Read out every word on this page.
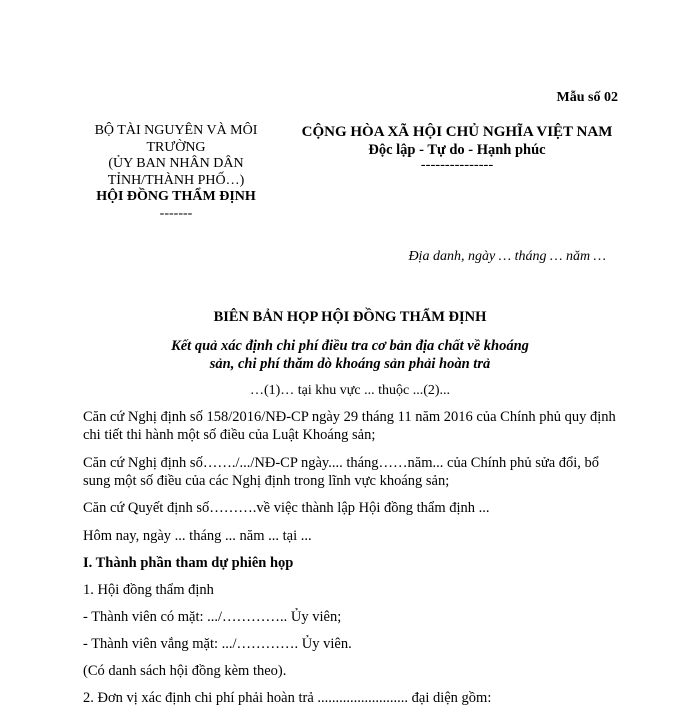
Mẫu số 02
BỘ TÀI NGUYÊN VÀ MÔI TRƯỜNG
(ỦY BAN NHÂN DÂN TỈNH/THÀNH PHỐ…)
HỘI ĐỒNG THẨM ĐỊNH
-------
CỘNG HÒA XÃ HỘI CHỦ NGHĨA VIỆT NAM
Độc lập - Tự do - Hạnh phúc
---------------
Địa danh, ngày … tháng … năm …
BIÊN BẢN HỌP HỘI ĐỒNG THẨM ĐỊNH
Kết quả xác định chi phí điều tra cơ bản địa chất về khoáng sản, chi phí thăm dò khoáng sản phải hoàn trả
…(1)… tại khu vực ... thuộc ...(2)...
Căn cứ Nghị định số 158/2016/NĐ-CP ngày 29 tháng 11 năm 2016 của Chính phủ quy định chi tiết thi hành một số điều của Luật Khoáng sản;
Căn cứ Nghị định số……./.../NĐ-CP ngày.... tháng……năm... của Chính phủ sửa đổi, bổ sung một số điều của các Nghị định trong lĩnh vực khoáng sản;
Căn cứ Quyết định số……….về việc thành lập Hội đồng thẩm định ...
Hôm nay, ngày ... tháng ... năm ... tại ...
I. Thành phần tham dự phiên họp
1. Hội đồng thẩm định
- Thành viên có mặt: .../………….. Ủy viên;
- Thành viên vắng mặt: .../…………. Ủy viên.
(Có danh sách hội đồng kèm theo).
2. Đơn vị xác định chi phí phải hoàn trả ......................... đại diện gồm:
